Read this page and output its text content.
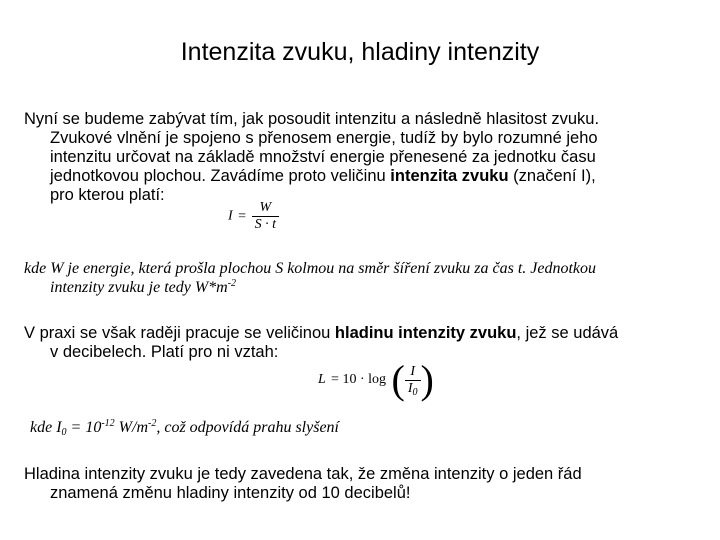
Intenzita zvuku, hladiny intenzity
Nyní se budeme zabývat tím, jak posoudit intenzitu a následně hlasitost zvuku.
Zvukové vlnění je spojeno s přenosem energie, tudíž by bylo rozumné jeho
intenzitu určovat na základě množství energie přenesené za jednotku času
jednotkovou plochou. Zavádíme proto veličinu intenzita zvuku (značení I),
pro kterou platí:
$I = \frac{W}{S \cdot t}$
kde W je energie, která prošla plochou S kolmou na směr šíření zvuku za čas t. Jednotkou
intenzity zvuku je tedy $W*m^{-2}$
V praxi se však raději pracuje se veličinou hladinu intenzity zvuku, jež se udává
v decibelech. Platí pro ni vztah:
L = 10 · log ( $\frac{I}{I_0}$ )
kde $I_0 = 10^{-12}$ $W/m^{-2}$, což odpovídá prahu slyšení
Hladina intenzity zvuku je tedy zavedena tak, že změna intenzity o jeden řád
znamená změnu hladiny intenzity od 10 decibelů!
